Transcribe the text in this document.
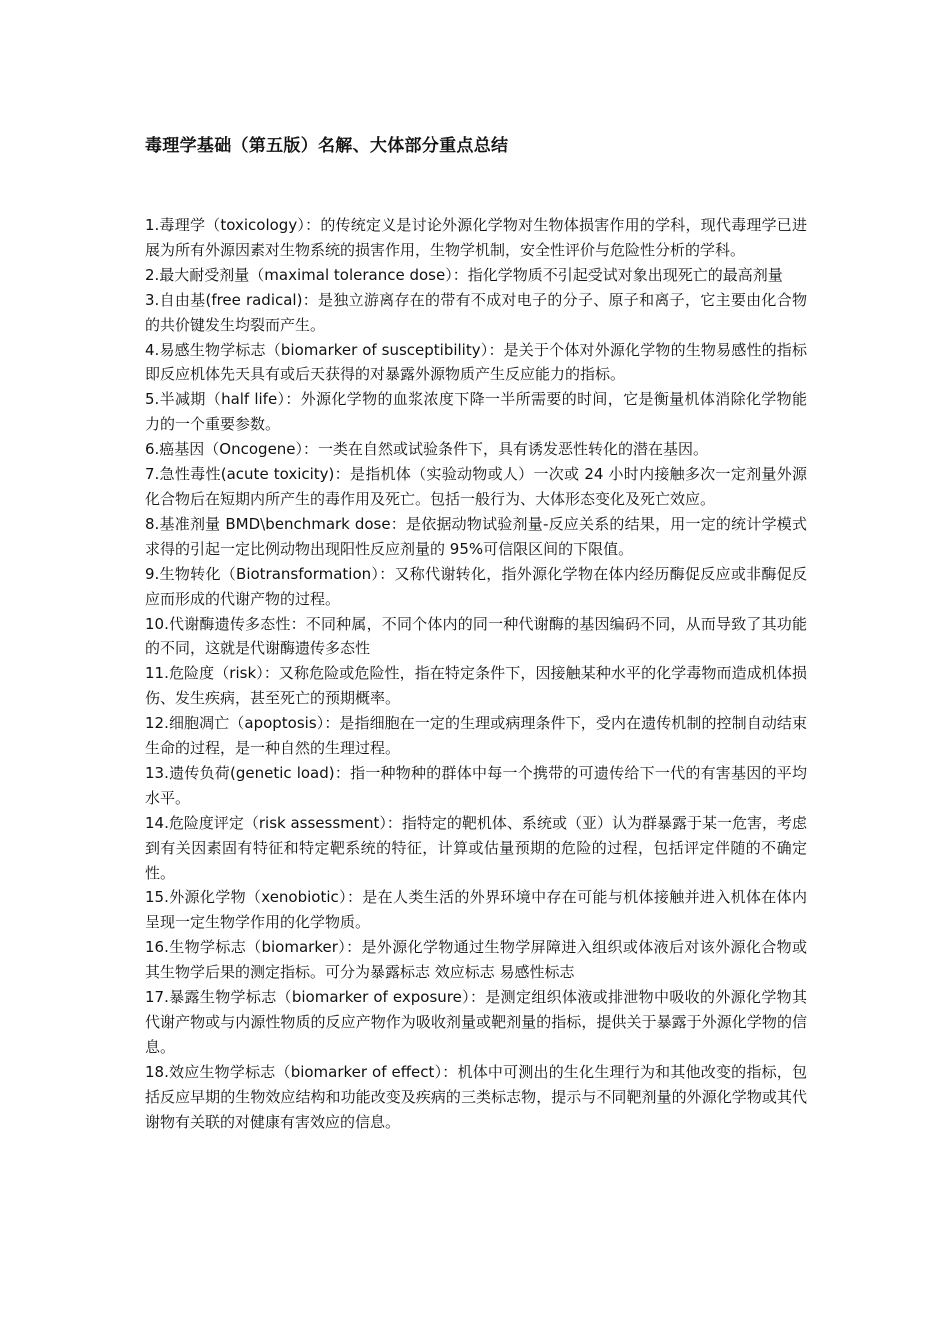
毒理学基础（第五版）名解、大体部分重点总结
1.毒理学（toxicology）：的传统定义是讨论外源化学物对生物体损害作用的学科，现代毒理学已进展为所有外源因素对生物系统的损害作用，生物学机制，安全性评价与危险性分析的学科。
2.最大耐受剂量（maximal tolerance dose）：指化学物质不引起受试对象出现死亡的最高剂量
3.自由基(free radical)：是独立游离存在的带有不成对电子的分子、原子和离子，它主要由化合物的共价键发生均裂而产生。
4.易感生物学标志（biomarker of susceptibility）：是关于个体对外源化学物的生物易感性的指标即反应机体先天具有或后天获得的对暴露外源物质产生反应能力的指标。
5.半减期（half life）：外源化学物的血浆浓度下降一半所需要的时间，它是衡量机体消除化学物能力的一个重要参数。
6.癌基因（Oncogene）：一类在自然或试验条件下，具有诱发恶性转化的潜在基因。
7.急性毒性(acute toxicity)：是指机体（实验动物或人）一次或 24 小时内接触多次一定剂量外源化合物后在短期内所产生的毒作用及死亡。包括一般行为、大体形态变化及死亡效应。
8.基准剂量 BMD\benchmark dose：是依据动物试验剂量-反应关系的结果，用一定的统计学模式求得的引起一定比例动物出现阳性反应剂量的 95%可信限区间的下限值。
9.生物转化（Biotransformation）：又称代谢转化，指外源化学物在体内经历酶促反应或非酶促反应而形成的代谢产物的过程。
10.代谢酶遗传多态性：不同种属，不同个体内的同一种代谢酶的基因编码不同，从而导致了其功能的不同，这就是代谢酶遗传多态性
11.危险度（risk）：又称危险或危险性，指在特定条件下，因接触某种水平的化学毒物而造成机体损伤、发生疾病，甚至死亡的预期概率。
12.细胞凋亡（apoptosis）：是指细胞在一定的生理或病理条件下，受内在遗传机制的控制自动结束生命的过程，是一种自然的生理过程。
13.遗传负荷(genetic load)：指一种物种的群体中每一个携带的可遗传给下一代的有害基因的平均水平。
14.危险度评定（risk assessment）：指特定的靶机体、系统或（亚）认为群暴露于某一危害，考虑到有关因素固有特征和特定靶系统的特征，计算或估量预期的危险的过程，包括评定伴随的不确定性。
15.外源化学物（xenobiotic）：是在人类生活的外界环境中存在可能与机体接触并进入机体在体内呈现一定生物学作用的化学物质。
16.生物学标志（biomarker）：是外源化学物通过生物学屏障进入组织或体液后对该外源化合物或其生物学后果的测定指标。可分为暴露标志 效应标志 易感性标志
17.暴露生物学标志（biomarker of exposure）：是测定组织体液或排泄物中吸收的外源化学物其代谢产物或与内源性物质的反应产物作为吸收剂量或靶剂量的指标，提供关于暴露于外源化学物的信息。
18.效应生物学标志（biomarker of effect）：机体中可测出的生化生理行为和其他改变的指标，包括反应早期的生物效应结构和功能改变及疾病的三类标志物，提示与不同靶剂量的外源化学物或其代谢物有关联的对健康有害效应的信息。
